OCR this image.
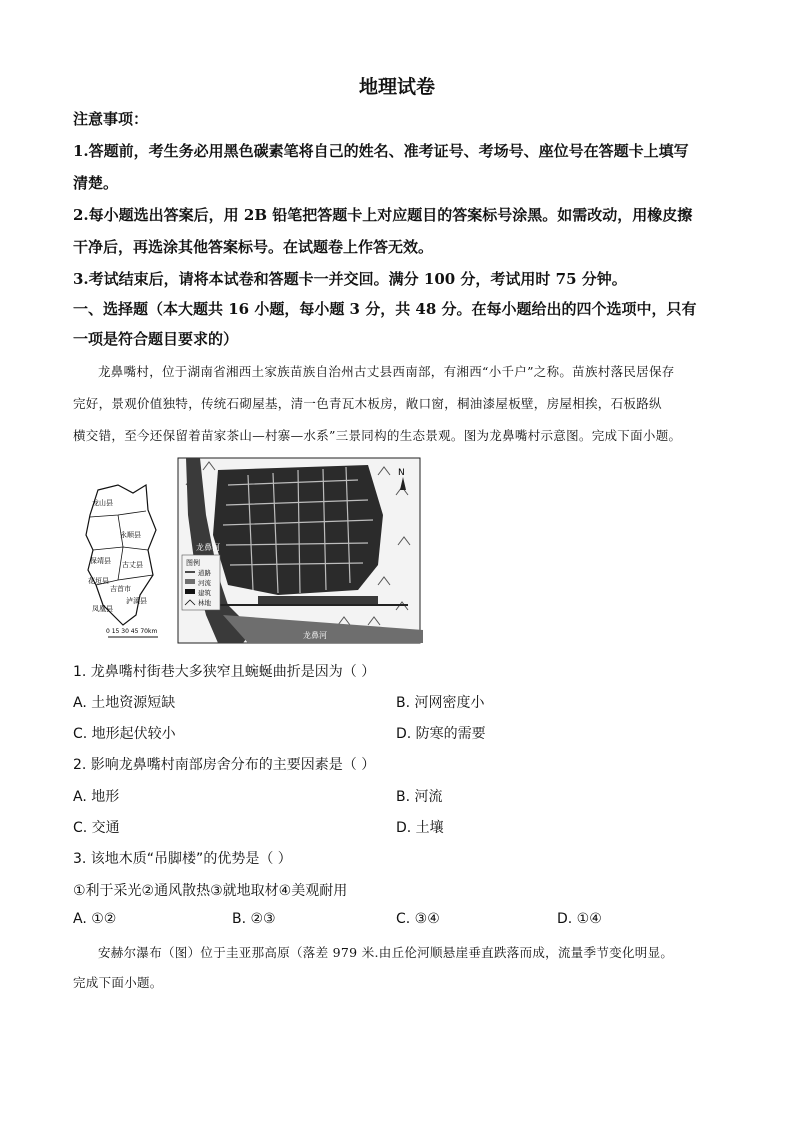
地理试卷
注意事项：
1.答题前，考生务必用黑色碳素笔将自己的姓名、准考证号、考场号、座位号在答题卡上填写
清楚。
2.每小题选出答案后，用 2B 铅笔把答题卡上对应题目的答案标号涂黑。如需改动，用橡皮擦
干净后，再选涂其他答案标号。在试题卷上作答无效。
3.考试结束后，请将本试卷和答题卡一并交回。满分 100 分，考试用时 75 分钟。
一、选择题（本大题共 16 小题，每小题 3 分，共 48 分。在每小题给出的四个选项中，只有
一项是符合题目要求的）
龙鼻嘴村，位于湖南省湘西土家族苗族自治州古丈县西南部，有湘西“小千户”之称。苗族村落民居保存
完好，景观价值独特，传统石砌屋基，清一色青瓦木板房，敞口窗，桐油漆屋板壁，房屋相挨，石板路纵
横交错，至今还保留着苗家茶山—村寨—水系”三景同构的生态景观。图为龙鼻嘴村示意图。完成下面小题。
龙山县
永顺县
保靖县 古丈县
花垣县
吉首市
泸溪县
凤凰县
0 15 30 45 70km
N
龙鼻河
龙鼻河
图例
道路
河流
建筑
林地
1. 龙鼻嘴村街巷大多狭窄且蜿蜒曲折是因为（ ）
A. 土地资源短缺	B. 河网密度小
C. 地形起伏较小	D. 防寒的需要
2. 影响龙鼻嘴村南部房舍分布的主要因素是（ ）
A. 地形	B. 河流
C. 交通	D. 土壤
3. 该地木质“吊脚楼”的优势是（ ）
①利于采光②通风散热③就地取材④美观耐用
A. ①②	B. ②③	C. ③④	D. ①④
安赫尔瀑布（图）位于圭亚那高原（落差 979 米.由丘伦河顺悬崖垂直跌落而成，流量季节变化明显。
完成下面小题。
